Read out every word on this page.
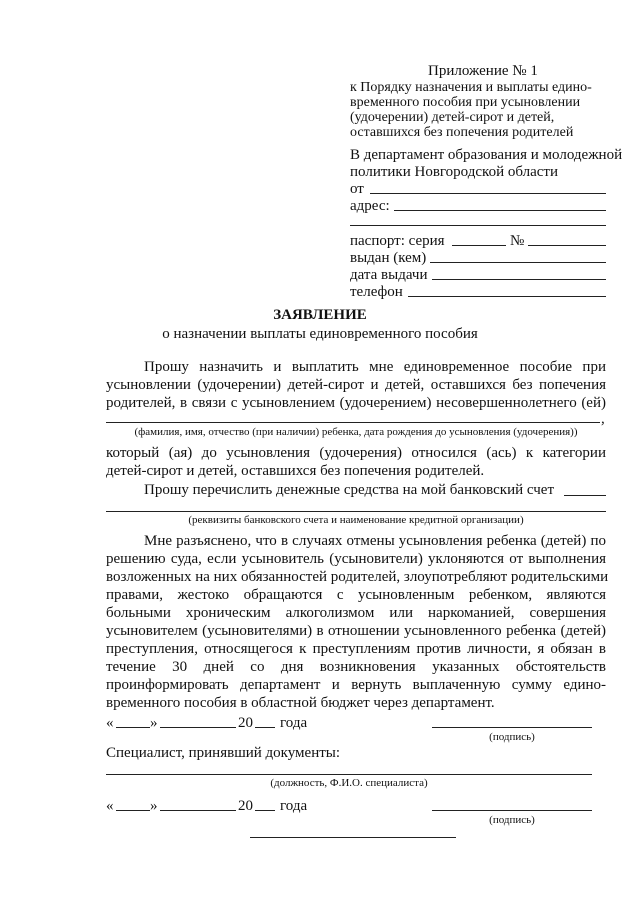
Приложение № 1
к Порядку назначения и выплаты едино-
временного пособия при усыновлении
(удочерении) детей-сирот и детей,
оставшихся без попечения родителей
В департамент образования и молодежной
политики Новгородской области
от
адрес:
паспорт: серия	№
выдан (кем)
дата выдачи
телефон
ЗАЯВЛЕНИЕ
о назначении выплаты единовременного пособия
Прошу назначить и выплатить мне единовременное пособие при
усыновлении (удочерении) детей-сирот и детей, оставшихся без попечения
родителей, в связи с усыновлением (удочерением) несовершеннолетнего (ей)
,
(фамилия, имя, отчество (при наличии) ребенка, дата рождения до усыновления (удочерения))
который (ая) до усыновления (удочерения) относился (ась) к категории
детей-сирот и детей, оставшихся без попечения родителей.
Прошу перечислить денежные средства на мой банковский счет
(реквизиты банковского счета и наименование кредитной организации)
Мне разъяснено, что в случаях отмены усыновления ребенка (детей) по
решению суда, если усыновитель (усыновители) уклоняются от выполнения
возложенных на них обязанностей родителей, злоупотребляют родительскими
правами, жестоко обращаются с усыновленным ребенком, являются
больными хроническим алкоголизмом или наркоманией, совершения
усыновителем (усыновителями) в отношении усыновленного ребенка (детей)
преступления, относящегося к преступлениям против личности, я обязан в
течение 30 дней со дня возникновения указанных обстоятельств
проинформировать департамент и вернуть выплаченную сумму едино-
временного пособия в областной бюджет через департамент.
« »	20 года
(подпись)
Специалист, принявший документы:
(должность, Ф.И.О. специалиста)
« »	20 года
(подпись)
